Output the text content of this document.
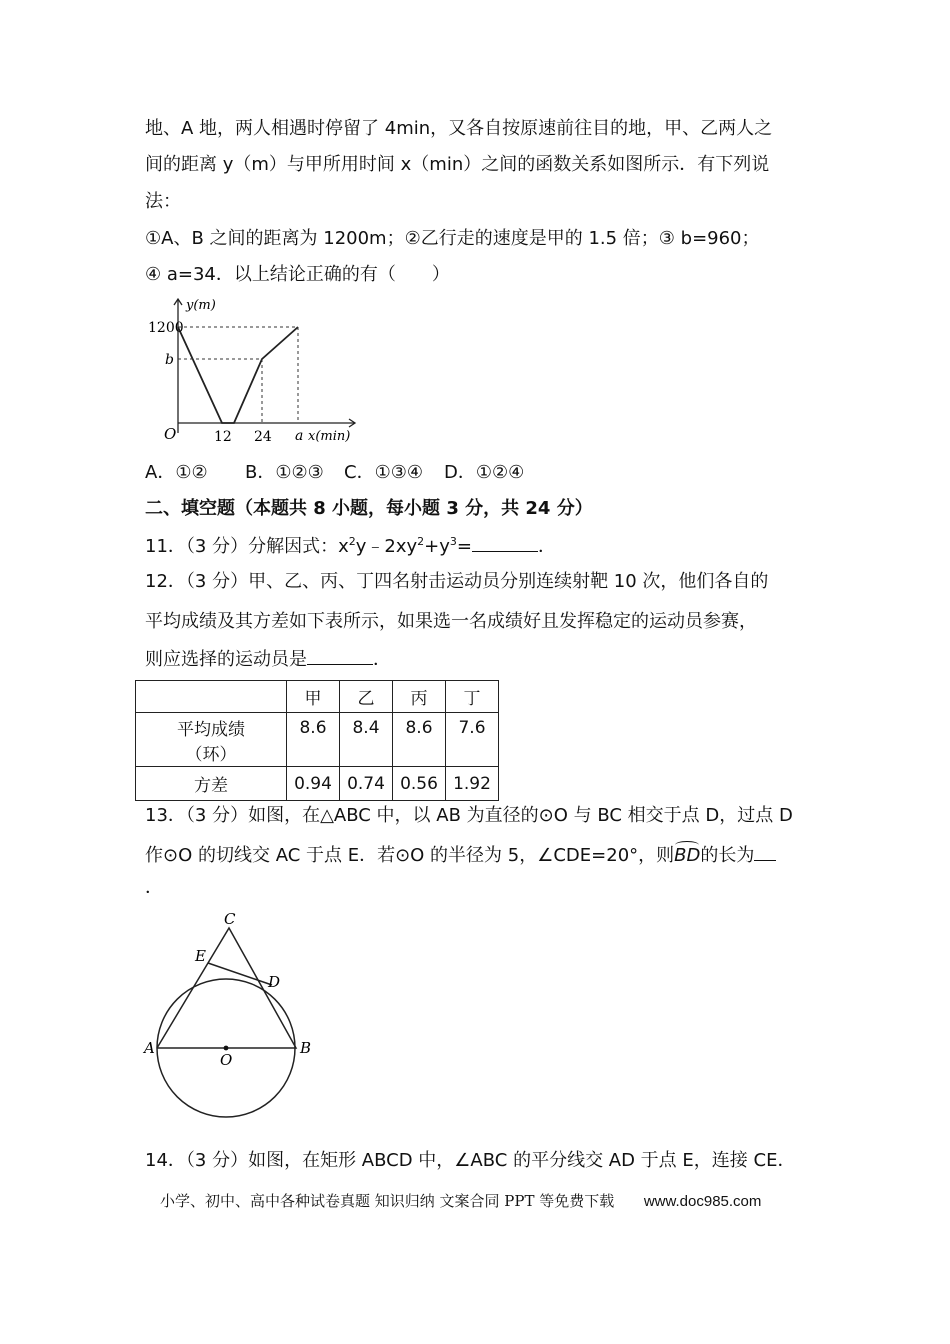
地、A 地，两人相遇时停留了 4min，又各自按原速前往目的地，甲、乙两人之
间的距离 y（m）与甲所用时间 x（min）之间的函数关系如图所示．有下列说
法：
①A、B 之间的距离为 1200m；②乙行走的速度是甲的 1.5 倍；③ b=960；
④ a=34．以上结论正确的有（　　）
y(m)
1200
b
O	12 24 a x(min)
A．①② B．①②③ C．①③④ D．①②④
二、填空题（本题共 8 小题，每小题 3 分，共 24 分）
11．（3 分）分解因式：$x^2y﹣2xy^2+y^3=$	．
12．（3 分）甲、乙、丙、丁四名射击运动员分别连续射靶 10 次，他们各自的
平均成绩及其方差如下表所示，如果选一名成绩好且发挥稳定的运动员参赛，
则应选择的运动员是	．
	甲	乙	丙	丁

平均成绩
（环）	8.6	8.4	8.6	7.6
方差	0.94	0.74	0.56	1.92
13．（3 分）如图，在△ABC 中，以 AB 为直径的⊙O 与 BC 相交于点 D，过点 D
作⊙O 的切线交 AC 于点 E．若⊙O 的半径为 5，∠CDE=20°，则BD的长为
．
C
E
D
A
O
B
14．（3 分）如图，在矩形 ABCD 中，∠ABC 的平分线交 AD 于点 E，连接 CE．
小学、初中、高中各种试卷真题 知识归纳 文案合同 PPT 等免费下载 www.doc985.com
